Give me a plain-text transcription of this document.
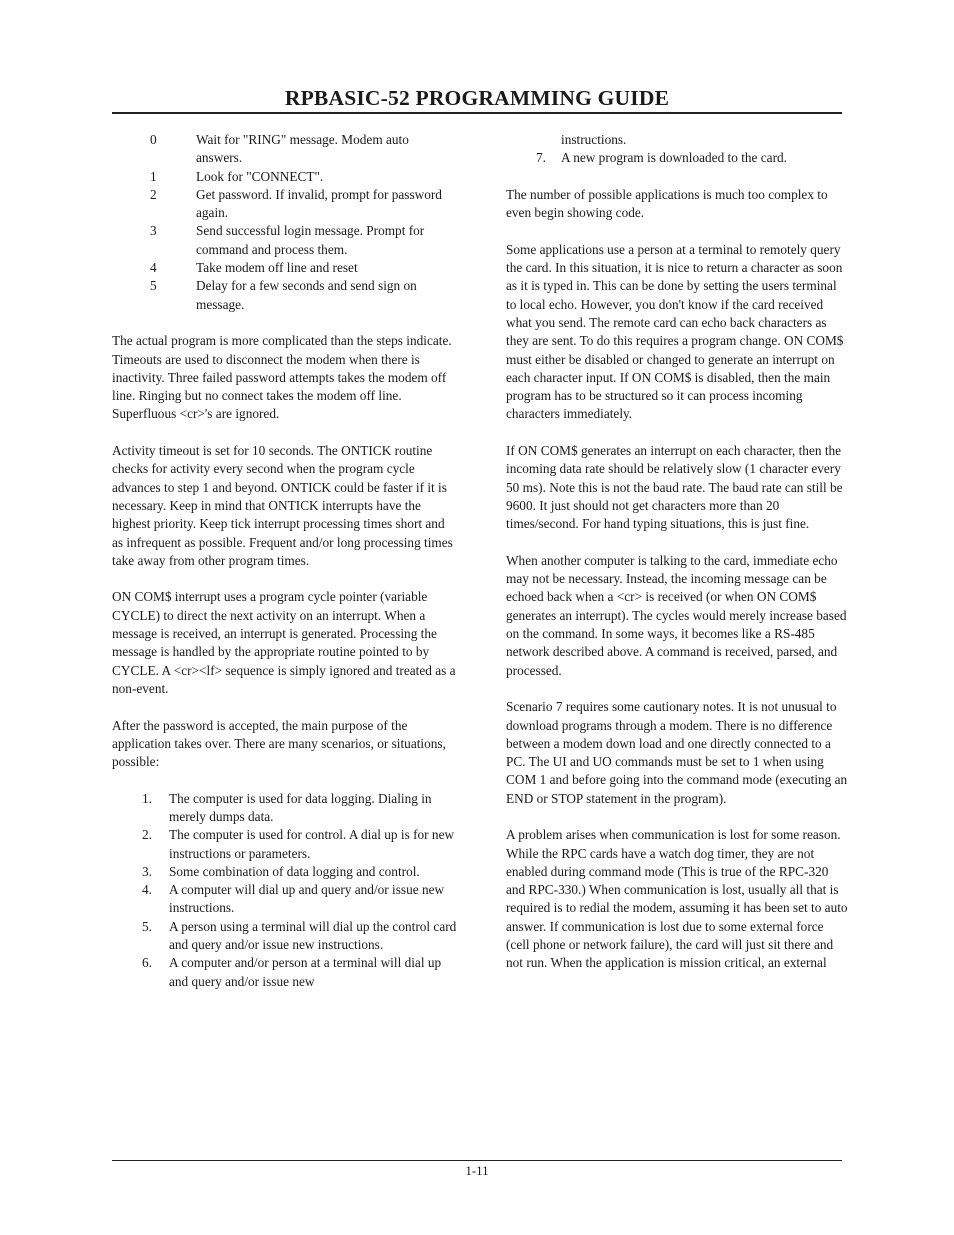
RPBASIC-52 PROGRAMMING GUIDE
0	Wait for "RING" message. Modem auto answers.
1	Look for "CONNECT".
2	Get password. If invalid, prompt for password again.
3	Send successful login message. Prompt for command and process them.
4	Take modem off line and reset
5	Delay for a few seconds and send sign on message.

The actual program is more complicated than the steps indicate. Timeouts are used to disconnect the modem when there is inactivity. Three failed password attempts takes the modem off line. Ringing but no connect takes the modem off line. Superfluous <cr>'s are ignored.

Activity timeout is set for 10 seconds. The ONTICK routine checks for activity every second when the program cycle advances to step 1 and beyond. ONTICK could be faster if it is necessary. Keep in mind that ONTICK interrupts have the highest priority. Keep tick interrupt processing times short and as infrequent as possible. Frequent and/or long processing times take away from other program times.

ON COM$ interrupt uses a program cycle pointer (variable CYCLE) to direct the next activity on an interrupt. When a message is received, an interrupt is generated. Processing the message is handled by the appropriate routine pointed to by CYCLE. A <cr><lf> sequence is simply ignored and treated as a non-event.

After the password is accepted, the main purpose of the application takes over. There are many scenarios, or situations, possible:

1.	The computer is used for data logging. Dialing in merely dumps data.
2.	The computer is used for control. A dial up is for new instructions or parameters.
3.	Some combination of data logging and control.
4.	A computer will dial up and query and/or issue new instructions.
5.	A person using a terminal will dial up the control card and query and/or issue new instructions.
6.	A computer and/or person at a terminal will dial up and query and/or issue new
instructions.
7.	A new program is downloaded to the card.

The number of possible applications is much too complex to even begin showing code.

Some applications use a person at a terminal to remotely query the card. In this situation, it is nice to return a character as soon as it is typed in. This can be done by setting the users terminal to local echo. However, you don't know if the card received what you send. The remote card can echo back characters as they are sent. To do this requires a program change. ON COM$ must either be disabled or changed to generate an interrupt on each character input. If ON COM$ is disabled, then the main program has to be structured so it can process incoming characters immediately.

If ON COM$ generates an interrupt on each character, then the incoming data rate should be relatively slow (1 character every 50 ms). Note this is not the baud rate. The baud rate can still be 9600. It just should not get characters more than 20 times/second. For hand typing situations, this is just fine.

When another computer is talking to the card, immediate echo may not be necessary. Instead, the incoming message can be echoed back when a <cr> is received (or when ON COM$ generates an interrupt). The cycles would merely increase based on the command. In some ways, it becomes like a RS-485 network described above. A command is received, parsed, and processed.

Scenario 7 requires some cautionary notes. It is not unusual to download programs through a modem. There is no difference between a modem down load and one directly connected to a PC. The UI and UO commands must be set to 1 when using COM 1 and before going into the command mode (executing an END or STOP statement in the program).

A problem arises when communication is lost for some reason. While the RPC cards have a watch dog timer, they are not enabled during command mode (This is true of the RPC-320 and RPC-330.) When communication is lost, usually all that is required is to redial the modem, assuming it has been set to auto answer. If communication is lost due to some external force (cell phone or network failure), the card will just sit there and not run. When the application is mission critical, an external

1-11
